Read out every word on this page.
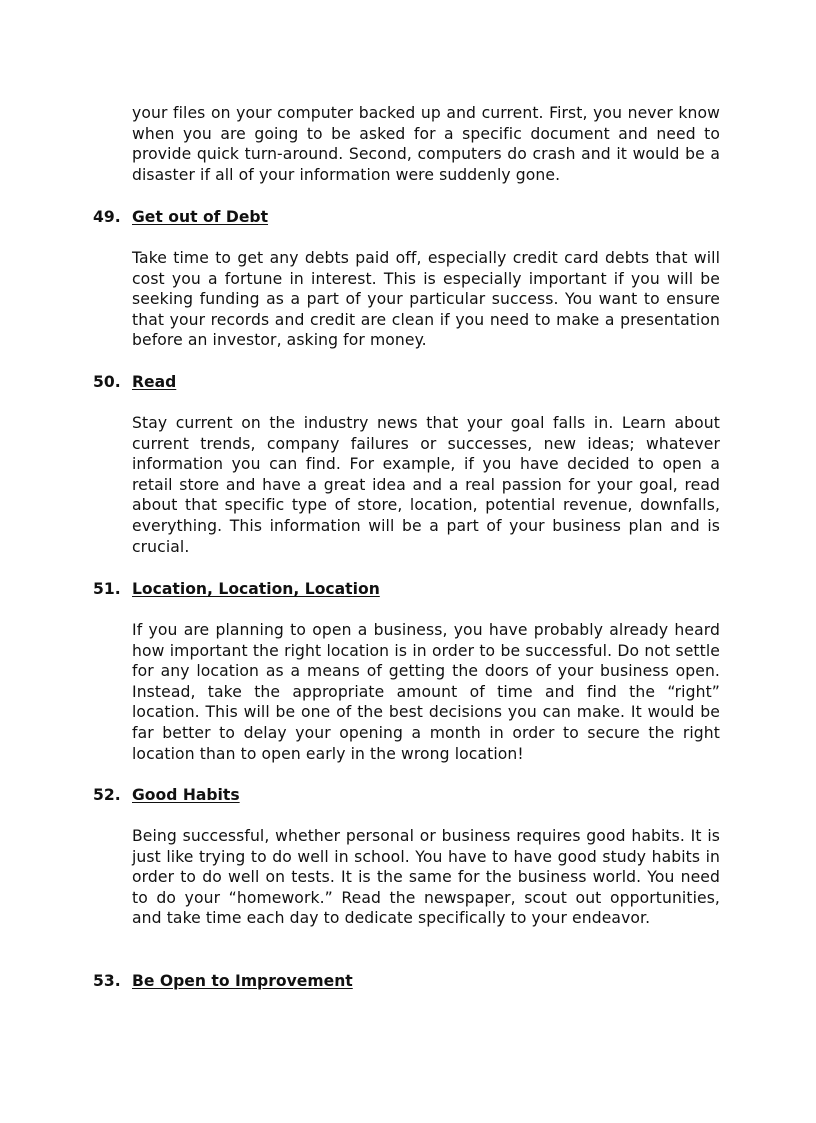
your files on your computer backed up and current. First, you never know when you are going to be asked for a specific document and need to provide quick turn-around. Second, computers do crash and it would be a disaster if all of your information were suddenly gone.

49. Get out of Debt

Take time to get any debts paid off, especially credit card debts that will cost you a fortune in interest. This is especially important if you will be seeking funding as a part of your particular success. You want to ensure that your records and credit are clean if you need to make a presentation before an investor, asking for money.

50. Read

Stay current on the industry news that your goal falls in. Learn about current trends, company failures or successes, new ideas; whatever information you can find. For example, if you have decided to open a retail store and have a great idea and a real passion for your goal, read about that specific type of store, location, potential revenue, downfalls, everything. This information will be a part of your business plan and is crucial.

51. Location, Location, Location

If you are planning to open a business, you have probably already heard how important the right location is in order to be successful. Do not settle for any location as a means of getting the doors of your business open. Instead, take the appropriate amount of time and find the “right” location. This will be one of the best decisions you can make. It would be far better to delay your opening a month in order to secure the right location than to open early in the wrong location!

52. Good Habits

Being successful, whether personal or business requires good habits. It is just like trying to do well in school. You have to have good study habits in order to do well on tests. It is the same for the business world. You need to do your “homework.” Read the newspaper, scout out opportunities, and take time each day to dedicate specifically to your endeavor.

53. Be Open to Improvement
